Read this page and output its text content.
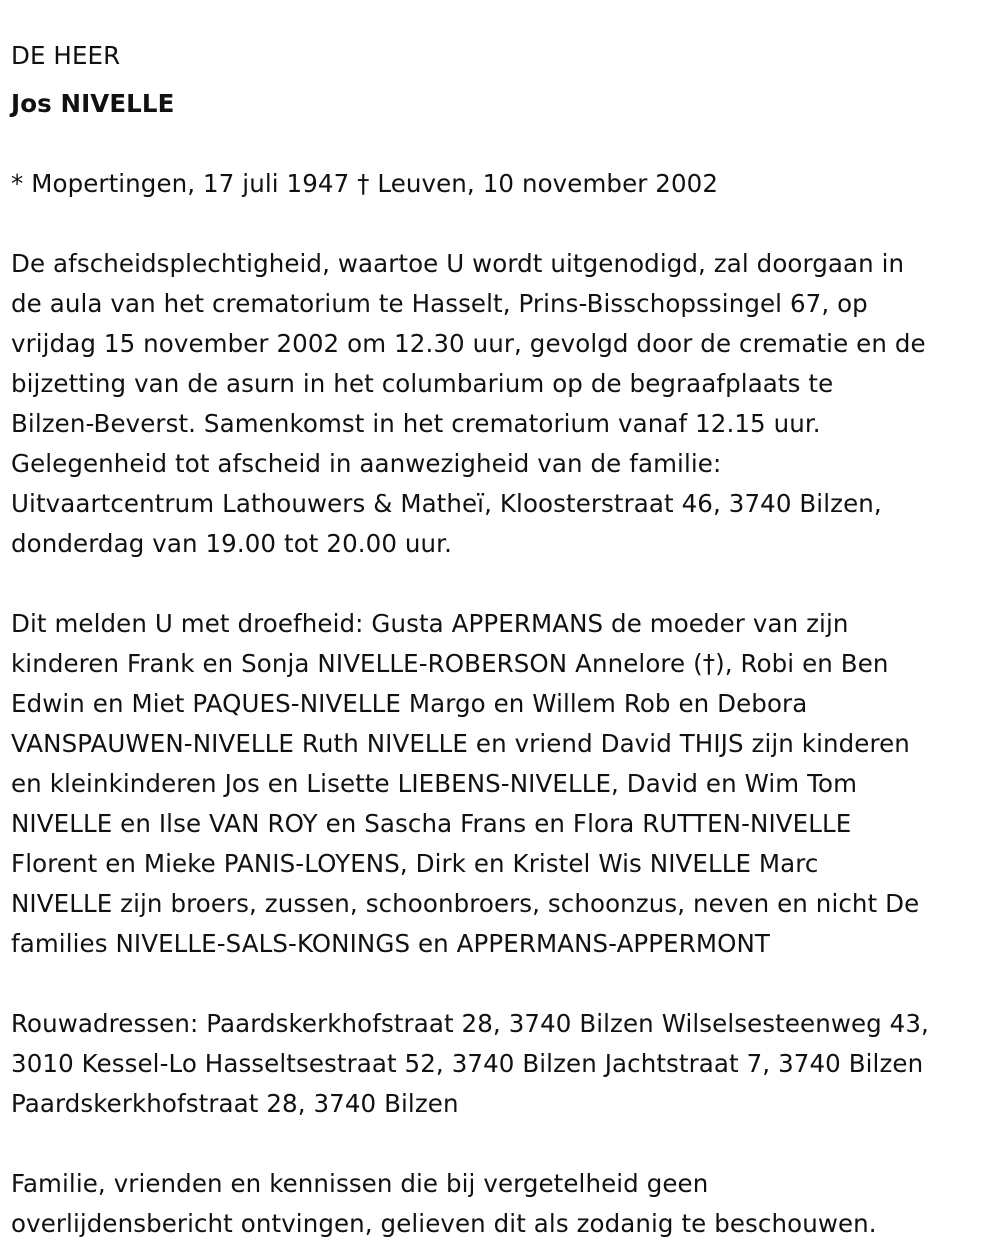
DE HEER
Jos NIVELLE
* Mopertingen, 17 juli 1947 † Leuven, 10 november 2002
De afscheidsplechtigheid, waartoe U wordt uitgenodigd, zal doorgaan in
de aula van het crematorium te Hasselt, Prins-Bisschopssingel 67, op
vrijdag 15 november 2002 om 12.30 uur, gevolgd door de crematie en de
bijzetting van de asurn in het columbarium op de begraafplaats te
Bilzen-Beverst. Samenkomst in het crematorium vanaf 12.15 uur.
Gelegenheid tot afscheid in aanwezigheid van de familie:
Uitvaartcentrum Lathouwers & Matheï, Kloosterstraat 46, 3740 Bilzen,
donderdag van 19.00 tot 20.00 uur.
Dit melden U met droefheid: Gusta APPERMANS de moeder van zijn
kinderen Frank en Sonja NIVELLE-ROBERSON Annelore (†), Robi en Ben
Edwin en Miet PAQUES-NIVELLE Margo en Willem Rob en Debora
VANSPAUWEN-NIVELLE Ruth NIVELLE en vriend David THIJS zijn kinderen
en kleinkinderen Jos en Lisette LIEBENS-NIVELLE, David en Wim Tom
NIVELLE en Ilse VAN ROY en Sascha Frans en Flora RUTTEN-NIVELLE
Florent en Mieke PANIS-LOYENS, Dirk en Kristel Wis NIVELLE Marc
NIVELLE zijn broers, zussen, schoonbroers, schoonzus, neven en nicht De
families NIVELLE-SALS-KONINGS en APPERMANS-APPERMONT
Rouwadressen: Paardskerkhofstraat 28, 3740 Bilzen Wilselsesteenweg 43,
3010 Kessel-Lo Hasseltsestraat 52, 3740 Bilzen Jachtstraat 7, 3740 Bilzen
Paardskerkhofstraat 28, 3740 Bilzen
Familie, vrienden en kennissen die bij vergetelheid geen
overlijdensbericht ontvingen, gelieven dit als zodanig te beschouwen.
